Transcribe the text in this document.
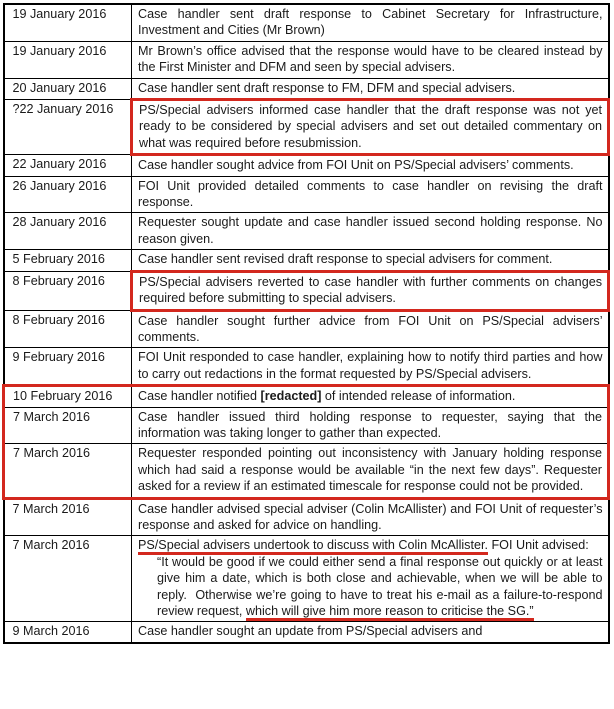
19 January 2016	Case handler sent draft response to Cabinet Secretary for Infrastructure, Investment and Cities (Mr Brown)
19 January 2016	Mr Brown’s office advised that the response would have to be cleared instead by the First Minister and DFM and seen by special advisers.
20 January 2016	Case handler sent draft response to FM, DFM and special advisers.
?22 January 2016	PS/Special advisers informed case handler that the draft response was not yet ready to be considered by special advisers and set out detailed commentary on what was required before resubmission.
22 January 2016	Case handler sought advice from FOI Unit on PS/Special advisers’ comments.
26 January 2016	FOI Unit provided detailed comments to case handler on revising the draft response.
28 January 2016	Requester sought update and case handler issued second holding response. No reason given.
5 February 2016	Case handler sent revised draft response to special advisers for comment.
8 February 2016	PS/Special advisers reverted to case handler with further comments on changes required before submitting to special advisers.
8 February 2016	Case handler sought further advice from FOI Unit on PS/Special advisers’ comments.
9 February 2016	FOI Unit responded to case handler, explaining how to notify third parties and how to carry out redactions in the format requested by PS/Special advisers.
10 February 2016	Case handler notified [redacted] of intended release of information.
7 March 2016	Case handler issued third holding response to requester, saying that the information was taking longer to gather than expected.
7 March 2016	Requester responded pointing out inconsistency with January holding response which had said a response would be available “in the next few days”. Requester asked for a review if an estimated timescale for response could not be provided.
7 March 2016	Case handler advised special adviser (Colin McAllister) and FOI Unit of requester’s response and asked for advice on handling.
7 March 2016	PS/Special advisers undertook to discuss with Colin McAllister. FOI Unit advised:
“It would be good if we could either send a final response out quickly or at least give him a date, which is both close and achievable, when we will be able to reply.  Otherwise we’re going to have to treat his e-mail as a failure-to-respond review request, which will give him more reason to criticise the SG.”

9 March 2016	Case handler sought an update from PS/Special advisers and
